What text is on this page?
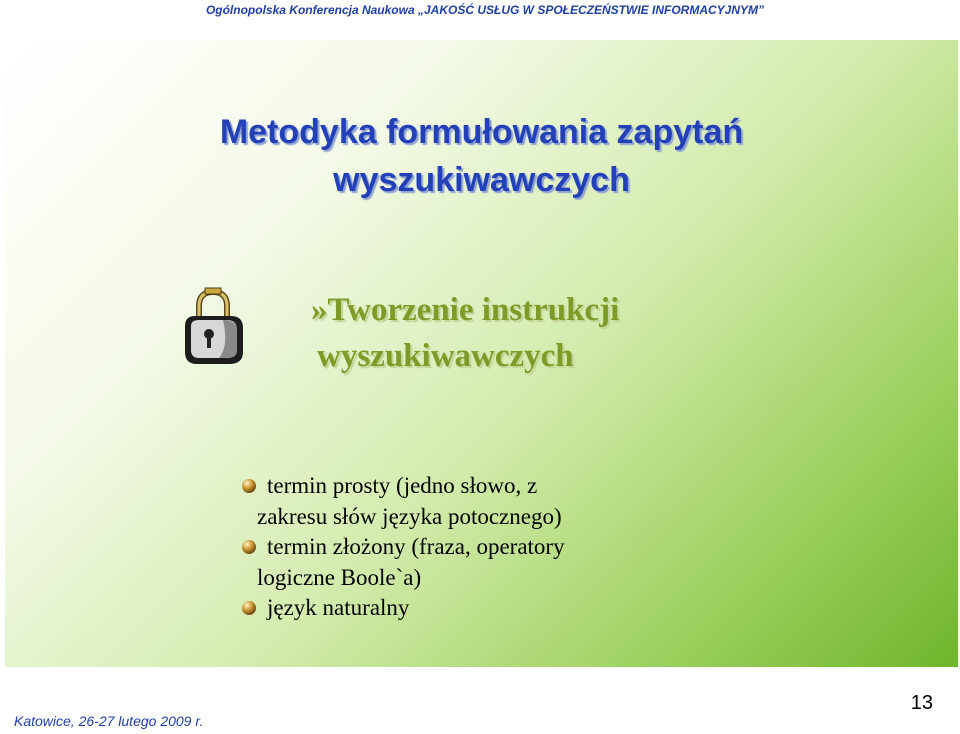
Ogólnopolska Konferencja Naukowa „JAKOŚĆ USŁUG W SPOŁECZEŃSTWIE INFORMACYJNYM”
Metodyka formułowania zapytań
wyszukiwawczych
»Tworzenie instrukcji
wyszukiwawczych
termin prosty (jedno słowo, z
zakresu słów języka potocznego)
termin złożony (fraza, operatory
logiczne Boole`a)
język naturalny
13
Katowice, 26-27 lutego 2009 r.
